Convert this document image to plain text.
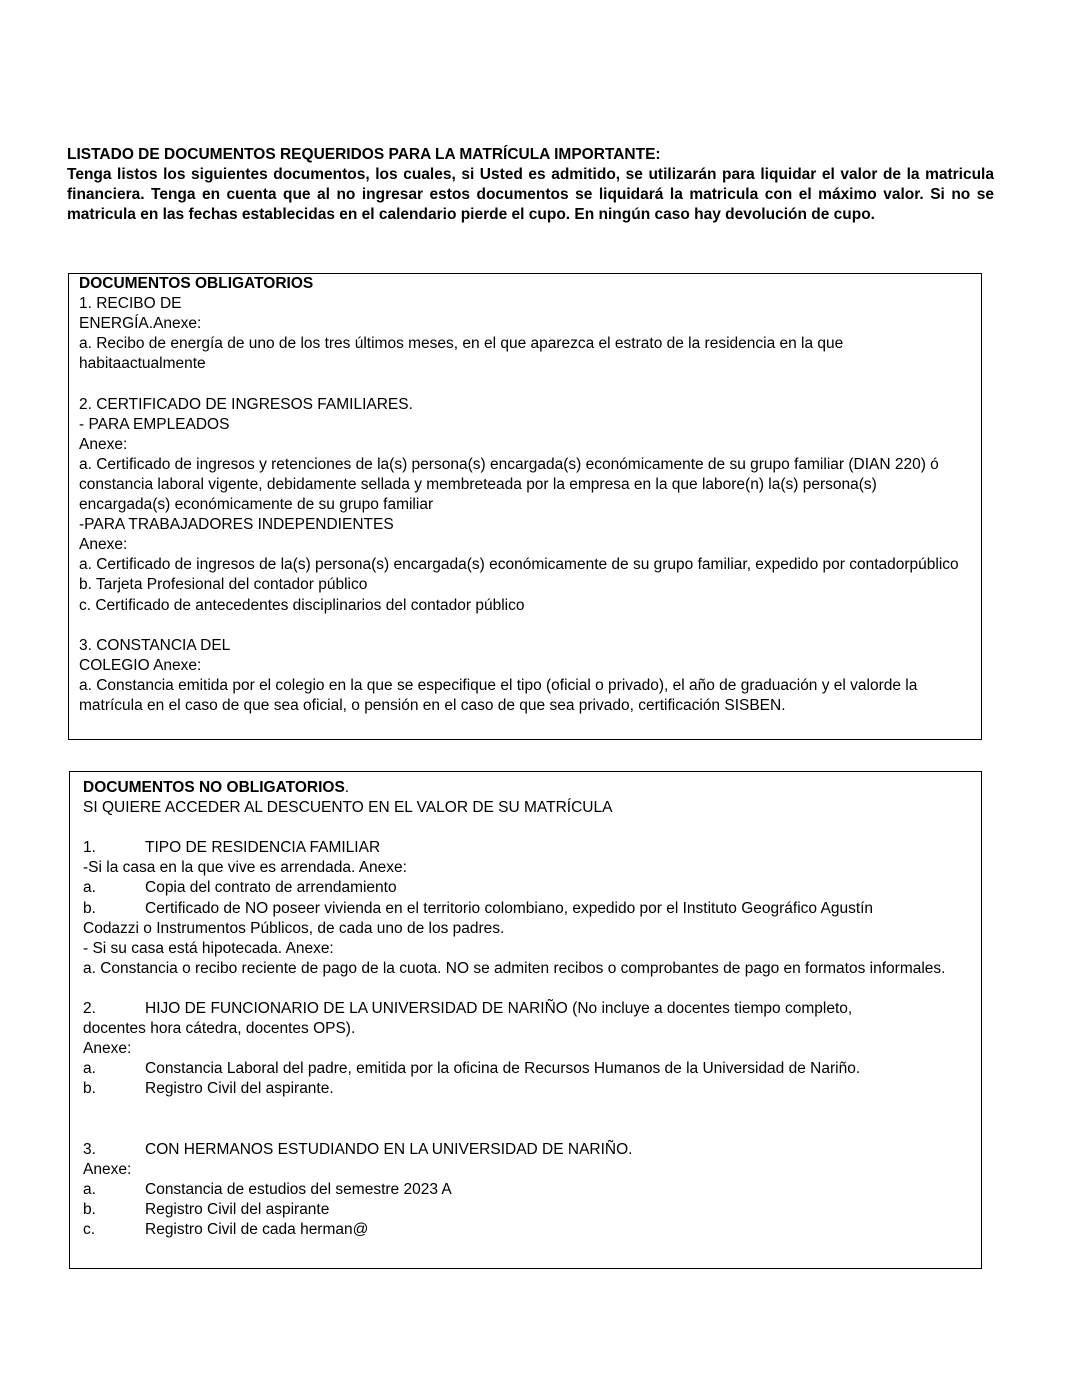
LISTADO DE DOCUMENTOS REQUERIDOS PARA LA MATRÍCULA IMPORTANTE:
Tenga listos los siguientes documentos, los cuales, si Usted es admitido, se utilizarán para liquidar el valor de la matricula financiera. Tenga en cuenta que al no ingresar estos documentos se liquidará la matricula con el máximo valor. Si no se matricula en las fechas establecidas en el calendario pierde el cupo. En ningún caso hay devolución de cupo.
DOCUMENTOS OBLIGATORIOS
1. RECIBO DE
ENERGÍA.Anexe:
a. Recibo de energía de uno de los tres últimos meses, en el que aparezca el estrato de la residencia en la que habitaactualmente
2. CERTIFICADO DE INGRESOS FAMILIARES.
- PARA EMPLEADOS
Anexe:
a. Certificado de ingresos y retenciones de la(s) persona(s) encargada(s) económicamente de su grupo familiar (DIAN 220) ó constancia laboral vigente, debidamente sellada y membreteada por la empresa en la que labore(n) la(s) persona(s) encargada(s) económicamente de su grupo familiar
-PARA TRABAJADORES INDEPENDIENTES
Anexe:
a. Certificado de ingresos de la(s) persona(s) encargada(s) económicamente de su grupo familiar, expedido por contadorpúblico
b. Tarjeta Profesional del contador público
c. Certificado de antecedentes disciplinarios del contador público
3. CONSTANCIA DEL
COLEGIO Anexe:
a. Constancia emitida por el colegio en la que se especifique el tipo (oficial o privado), el año de graduación y el valorde la matrícula en el caso de que sea oficial, o pensión en el caso de que sea privado, certificación SISBEN.
DOCUMENTOS NO OBLIGATORIOS.
SI QUIERE ACCEDER AL DESCUENTO EN EL VALOR DE SU MATRÍCULA
1.	TIPO DE RESIDENCIA FAMILIAR
-Si la casa en la que vive es arrendada. Anexe:
a.	Copia del contrato de arrendamiento
b.	Certificado de NO poseer vivienda en el territorio colombiano, expedido por el Instituto Geográfico Agustín
Codazzi o Instrumentos Públicos, de cada uno de los padres.
- Si su casa está hipotecada. Anexe:
a. Constancia o recibo reciente de pago de la cuota. NO se admiten recibos o comprobantes de pago en formatos informales.
2.	HIJO DE FUNCIONARIO DE LA UNIVERSIDAD DE NARIÑO (No incluye a docentes tiempo completo,
docentes hora cátedra, docentes OPS).
Anexe:
a.	Constancia Laboral del padre, emitida por la oficina de Recursos Humanos de la Universidad de Nariño.
b.	Registro Civil del aspirante.
3.	CON HERMANOS ESTUDIANDO EN LA UNIVERSIDAD DE NARIÑO.
Anexe:
a.	Constancia de estudios del semestre 2023 A
b.	Registro Civil del aspirante
c.	Registro Civil de cada herman@
